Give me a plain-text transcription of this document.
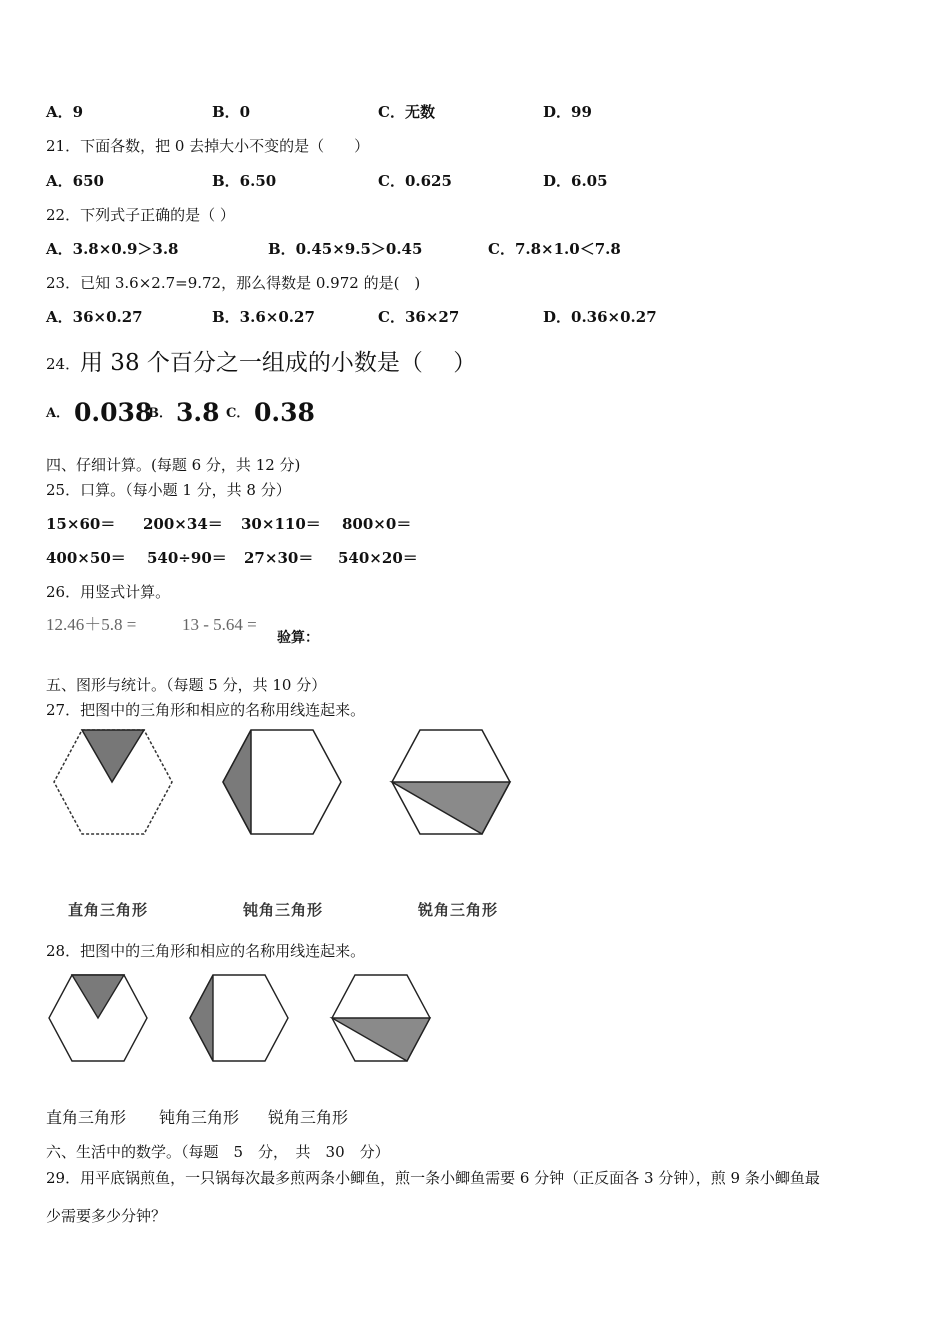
A．9	B．0	C．无数	D．99
21．下面各数，把 0 去掉大小不变的是（　　）
A．650	B．6.50	C．0.625	D．6.05
22．下列式子正确的是（ ）
A．3.8×0.9＞3.8	B．0.45×9.5＞0.45	C．7.8×1.0＜7.8
23．已知 3.6×2.7=9.72，那么得数是 0.972 的是(　)
A．36×0.27	B．3.6×0.27	C．36×27	D．0.36×0.27
24． 用 38 个百分之一组成的小数是（　 ）
A． 0.038
B． 3.8 C． 0.38
四、仔细计算。(每题 6 分，共 12 分)
25．口算。（每小题 1 分，共 8 分）
15×60＝ 200×34＝ 30×110＝ 800×0＝
400×50＝ 540÷90＝ 27×30＝ 540×20＝
26．用竖式计算。
12.46＋5.8 =	13 - 5.64 =
验算：
五、图形与统计。（每题 5 分，共 10 分）
27．把图中的三角形和相应的名称用线连起来。
直角三角形	钝角三角形	锐角三角形
28．把图中的三角形和相应的名称用线连起来。
直角三角形 钝角三角形 锐角三角形
六、生活中的数学。（每题　5　分，　共　30　分）
29．用平底锅煎鱼，一只锅每次最多煎两条小鲫鱼，煎一条小鲫鱼需要 6 分钟（正反面各 3 分钟），煎 9 条小鲫鱼最
少需要多少分钟？
